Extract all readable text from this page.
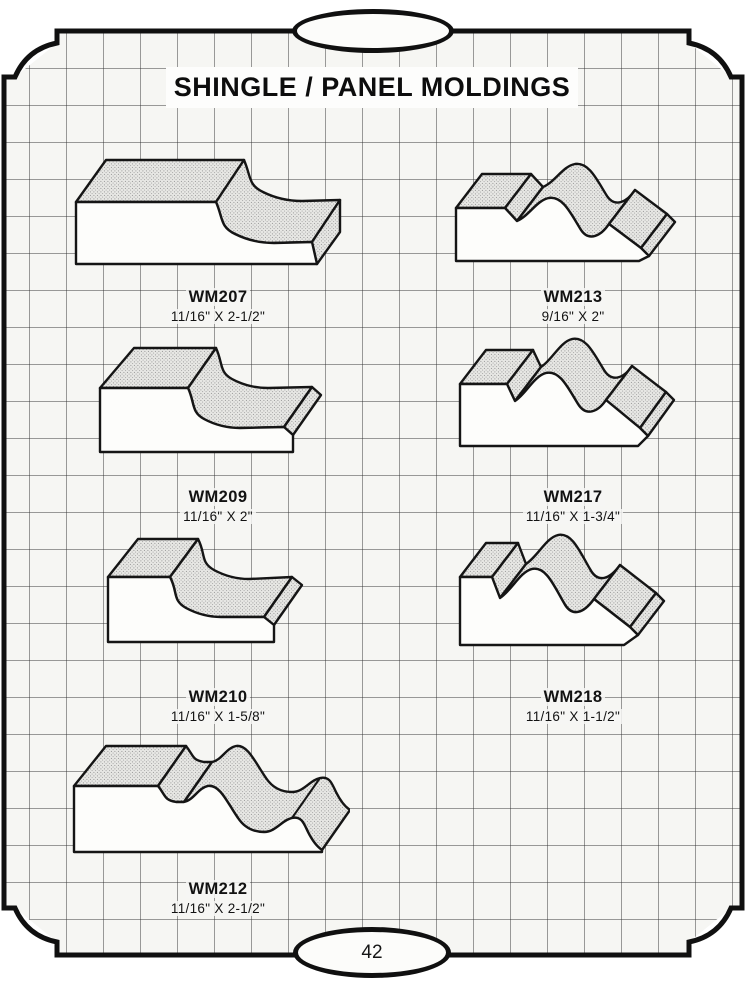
SHINGLE / PANEL MOLDINGS
WM207
11/16" X 2-1/2"
WM213
9/16" X 2"
WM209
11/16" X 2"
WM217
11/16" X 1-3/4"
WM210
11/16" X 1-5/8"
WM218
11/16" X 1-1/2"
WM212
11/16" X 2-1/2"
42
